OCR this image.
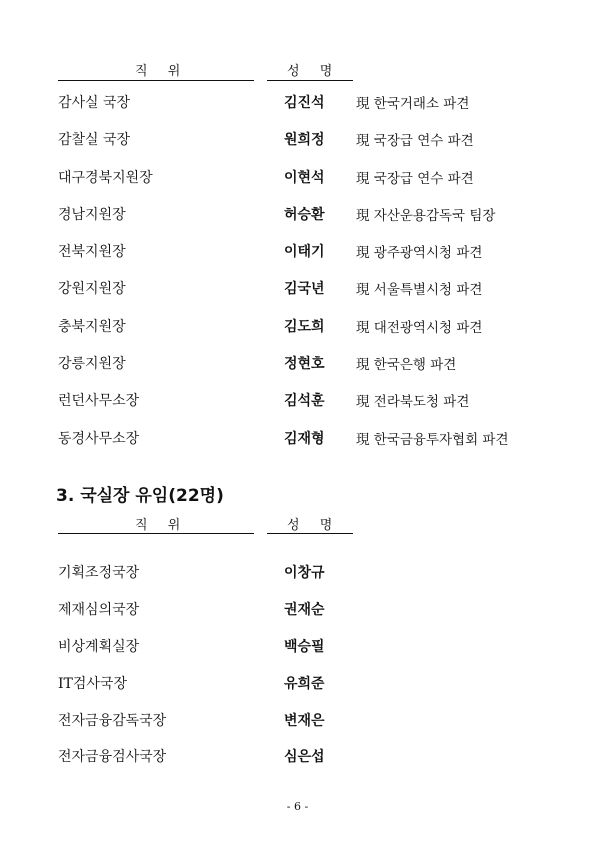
직 위	성 명
감사실 국장	김진석 現 한국거래소 파견
감찰실 국장	원희정 現 국장급 연수 파견
대구경북지원장	이현석 現 국장급 연수 파견
경남지원장	허승환 現 자산운용감독국 팀장
전북지원장	이태기 現 광주광역시청 파견
강원지원장	김국년 現 서울특별시청 파견
충북지원장	김도희 現 대전광역시청 파견
강릉지원장	정현호 現 한국은행 파견
런던사무소장	김석훈 現 전라북도청 파견
동경사무소장	김재형 現 한국금융투자협회 파견
3. 국실장 유임(22명)
직 위	성 명
기획조정국장	이창규
제재심의국장	권재순
비상계획실장	백승필
IT검사국장	유희준
전자금융감독국장	변재은
전자금융검사국장	심은섭
- 6 -
